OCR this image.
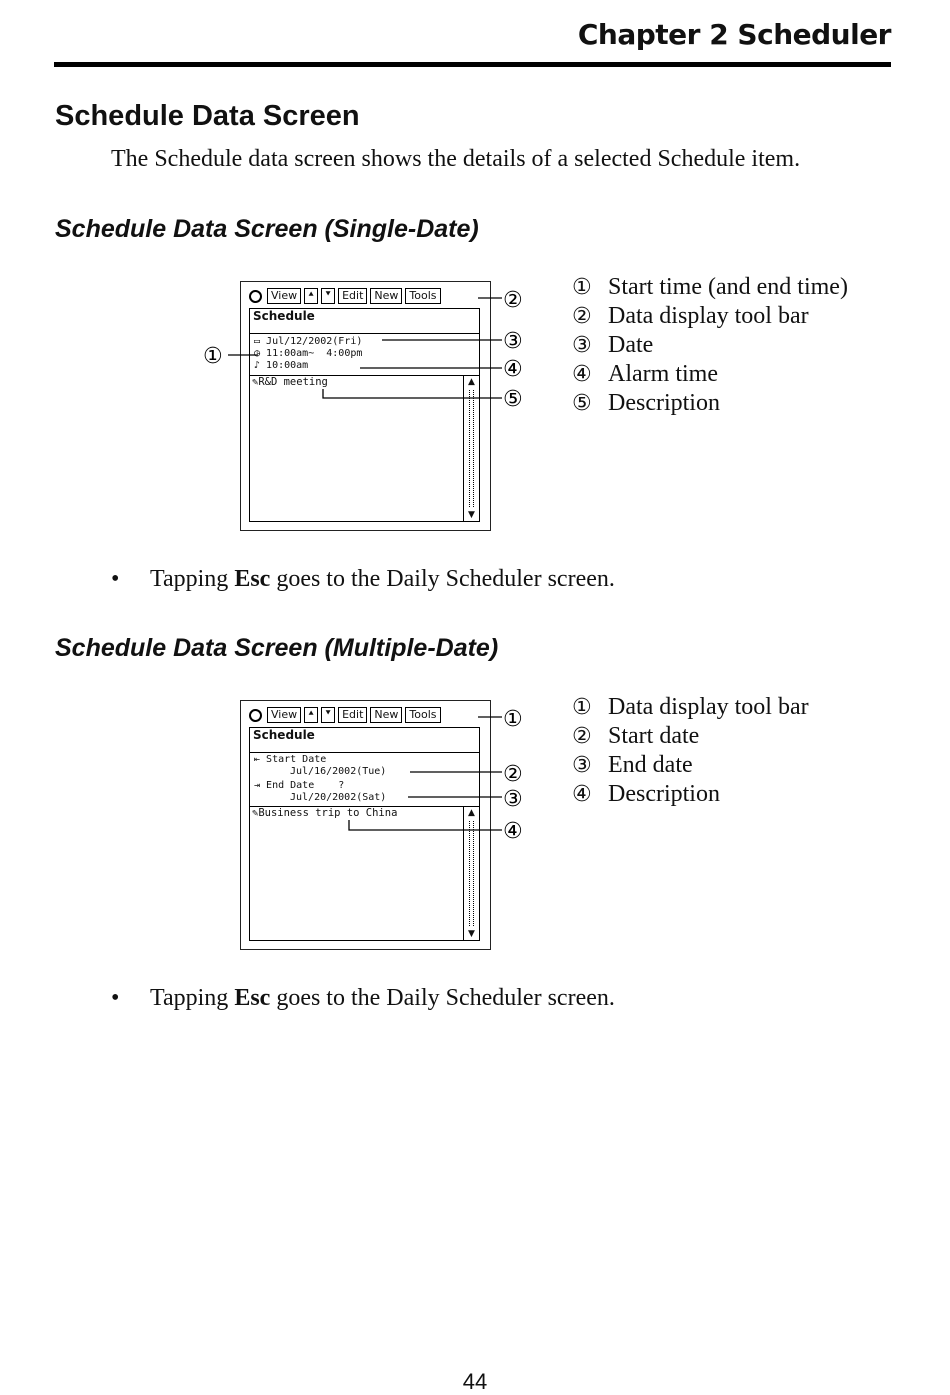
Chapter 2 Scheduler
Schedule Data Screen
The Schedule data screen shows the details of a selected Schedule item.
Schedule Data Screen (Single-Date)
View	⯅	⯆ Edit	New	Tools
Schedule
▭ Jul/12/2002(Fri)
◷ 11:00am~  4:00pm
♪ 10:00am
✎R&D meeting	▲
▼
① Start time (and end time)
② Data display tool bar
③ Date
④ Alarm time
⑤ Description
• Tapping Esc goes to the Daily Scheduler screen.
Schedule Data Screen (Multiple-Date)
View	⯅	⯆ Edit	New	Tools
Schedule
⇤ Start Date
Jul/16/2002(Tue)
⇥ End Date    ?
Jul/20/2002(Sat)
✎Business trip to China	▲
▼
① Data display tool bar
② Start date
③ End date
④ Description
• Tapping Esc goes to the Daily Scheduler screen.
44
①
②
③
④
⑤
①
②
③
④
